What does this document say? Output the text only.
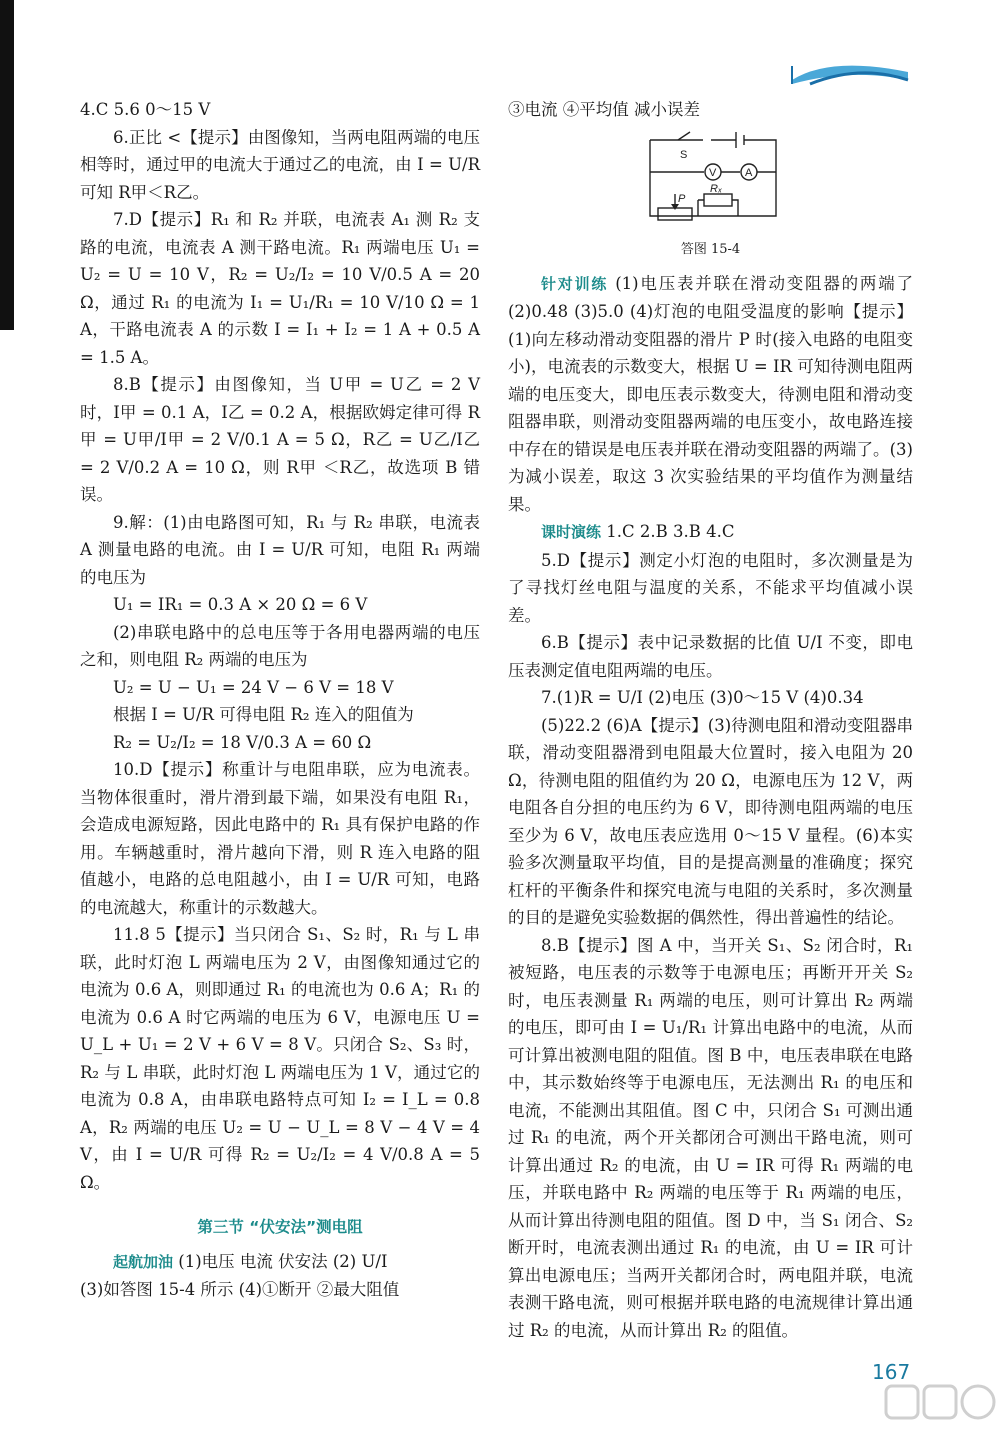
4.C 5.6 0～15 V

6.正比 <【提示】由图像知，当两电阻两端的电压相等时，通过甲的电流大于通过乙的电流，由 I = U/R 可知 R甲＜R乙。

7.D【提示】R₁ 和 R₂ 并联，电流表 A₁ 测 R₂ 支路的电流，电流表 A 测干路电流。R₁ 两端电压 U₁ = U₂ = U = 10 V，R₂ = U₂/I₂ = 10 V/0.5 A = 20 Ω，通过 R₁ 的电流为 I₁ = U₁/R₁ = 10 V/10 Ω = 1 A，干路电流表 A 的示数 I = I₁ + I₂ = 1 A + 0.5 A = 1.5 A。

8.B【提示】由图像知，当 U甲 = U乙 = 2 V 时，I甲 = 0.1 A，I乙 = 0.2 A，根据欧姆定律可得 R甲 = U甲/I甲 = 2 V/0.1 A = 5 Ω，R乙 = U乙/I乙 = 2 V/0.2 A = 10 Ω，则 R甲 ＜R乙，故选项 B 错误。

9.解：(1)由电路图可知，R₁ 与 R₂ 串联，电流表 A 测量电路的电流。由 I = U/R 可知，电阻 R₁ 两端的电压为

U₁ = IR₁ = 0.3 A × 20 Ω = 6 V

(2)串联电路中的总电压等于各用电器两端的电压之和，则电阻 R₂ 两端的电压为

U₂ = U − U₁ = 24 V − 6 V = 18 V

根据 I = U/R 可得电阻 R₂ 连入的阻值为

R₂ = U₂/I₂ = 18 V/0.3 A = 60 Ω

10.D【提示】称重计与电阻串联，应为电流表。当物体很重时，滑片滑到最下端，如果没有电阻 R₁，会造成电源短路，因此电路中的 R₁ 具有保护电路的作用。车辆越重时，滑片越向下滑，则 R 连入电路的阻值越小，电路的总电阻越小，由 I = U/R 可知，电路的电流越大，称重计的示数越大。

11.8 5【提示】当只闭合 S₁、S₂ 时，R₁ 与 L 串联，此时灯泡 L 两端电压为 2 V，由图像知通过它的电流为 0.6 A，则即通过 R₁ 的电流也为 0.6 A；R₁ 的电流为 0.6 A 时它两端的电压为 6 V，电源电压 U = U_L + U₁ = 2 V + 6 V = 8 V。只闭合 S₂、S₃ 时，R₂ 与 L 串联，此时灯泡 L 两端电压为 1 V，通过它的电流为 0.8 A，由串联电路特点可知 I₂ = I_L = 0.8 A，R₂ 两端的电压 U₂ = U − U_L = 8 V − 4 V = 4 V，由 I = U/R 可得 R₂ = U₂/I₂ = 4 V/0.8 A = 5 Ω。

第三节 “伏安法”测电阻

起航加油 (1)电压 电流 伏安法 (2) U/I

(3)如答图 15-4 所示 (4)①断开 ②最大阻值

③电流 ④平均值 减小误差

S
V	A
P
Rₓ
答图 15-4

针对训练 (1)电压表并联在滑动变阻器的两端了 (2)0.48 (3)5.0 (4)灯泡的电阻受温度的影响【提示】(1)向左移动滑动变阻器的滑片 P 时(接入电路的电阻变小)，电流表的示数变大，根据 U = IR 可知待测电阻两端的电压变大，即电压表示数变大，待测电阻和滑动变阻器串联，则滑动变阻器两端的电压变小，故电路连接中存在的错误是电压表并联在滑动变阻器的两端了。(3)为减小误差，取这 3 次实验结果的平均值作为测量结果。

课时演练 1.C 2.B 3.B 4.C

5.D【提示】测定小灯泡的电阻时，多次测量是为了寻找灯丝电阻与温度的关系，不能求平均值减小误差。

6.B【提示】表中记录数据的比值 U/I 不变，即电压表测定值电阻两端的电压。

7.(1)R = U/I (2)电压 (3)0～15 V (4)0.34

(5)22.2 (6)A【提示】(3)待测电阻和滑动变阻器串联，滑动变阻器滑到电阻最大位置时，接入电阻为 20 Ω，待测电阻的阻值约为 20 Ω，电源电压为 12 V，两电阻各自分担的电压约为 6 V，即待测电阻两端的电压至少为 6 V，故电压表应选用 0～15 V 量程。(6)本实验多次测量取平均值，目的是提高测量的准确度；探究杠杆的平衡条件和探究电流与电阻的关系时，多次测量的目的是避免实验数据的偶然性，得出普遍性的结论。

8.B【提示】图 A 中，当开关 S₁、S₂ 闭合时，R₁ 被短路，电压表的示数等于电源电压；再断开开关 S₂ 时，电压表测量 R₁ 两端的电压，则可计算出 R₂ 两端的电压，即可由 I = U₁/R₁ 计算出电路中的电流，从而可计算出被测电阻的阻值。图 B 中，电压表串联在电路中，其示数始终等于电源电压，无法测出 R₁ 的电压和电流，不能测出其阻值。图 C 中，只闭合 S₁ 可测出通过 R₁ 的电流，两个开关都闭合可测出干路电流，则可计算出通过 R₂ 的电流，由 U = IR 可得 R₁ 两端的电压，并联电路中 R₂ 两端的电压等于 R₁ 两端的电压，从而计算出待测电阻的阻值。图 D 中，当 S₁ 闭合、S₂ 断开时，电流表测出通过 R₁ 的电流，由 U = IR 可计算出电源电压；当两开关都闭合时，两电阻并联，电流表测干路电流，则可根据并联电路的电流规律计算出通过 R₂ 的电流，从而计算出 R₂ 的阻值。

167
